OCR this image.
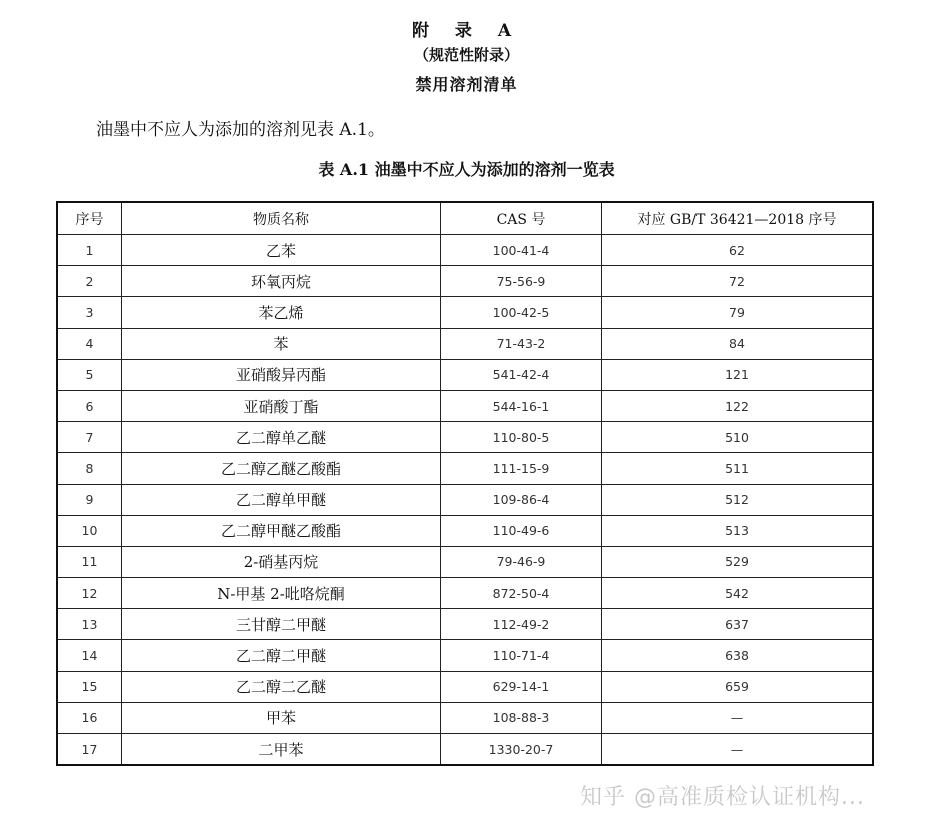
附 录 A
（规范性附录）
禁用溶剂清单
油墨中不应人为添加的溶剂见表 A.1。
表 A.1 油墨中不应人为添加的溶剂一览表
序号	物质名称	CAS 号	对应 GB/T 36421—2018 序号
1	乙苯	100-41-4	62
2	环氧丙烷	75-56-9	72
3	苯乙烯	100-42-5	79
4	苯	71-43-2	84
5	亚硝酸异丙酯	541-42-4	121
6	亚硝酸丁酯	544-16-1	122
7	乙二醇单乙醚	110-80-5	510
8	乙二醇乙醚乙酸酯	111-15-9	511
9	乙二醇单甲醚	109-86-4	512
10	乙二醇甲醚乙酸酯	110-49-6	513
11	2-硝基丙烷	79-46-9	529
12	N-甲基 2-吡咯烷酮	872-50-4	542
13	三甘醇二甲醚	112-49-2	637
14	乙二醇二甲醚	110-71-4	638
15	乙二醇二乙醚	629-14-1	659
16	甲苯	108-88-3	—
17	二甲苯	1330-20-7	—
知乎 @高准质检认证机构...
